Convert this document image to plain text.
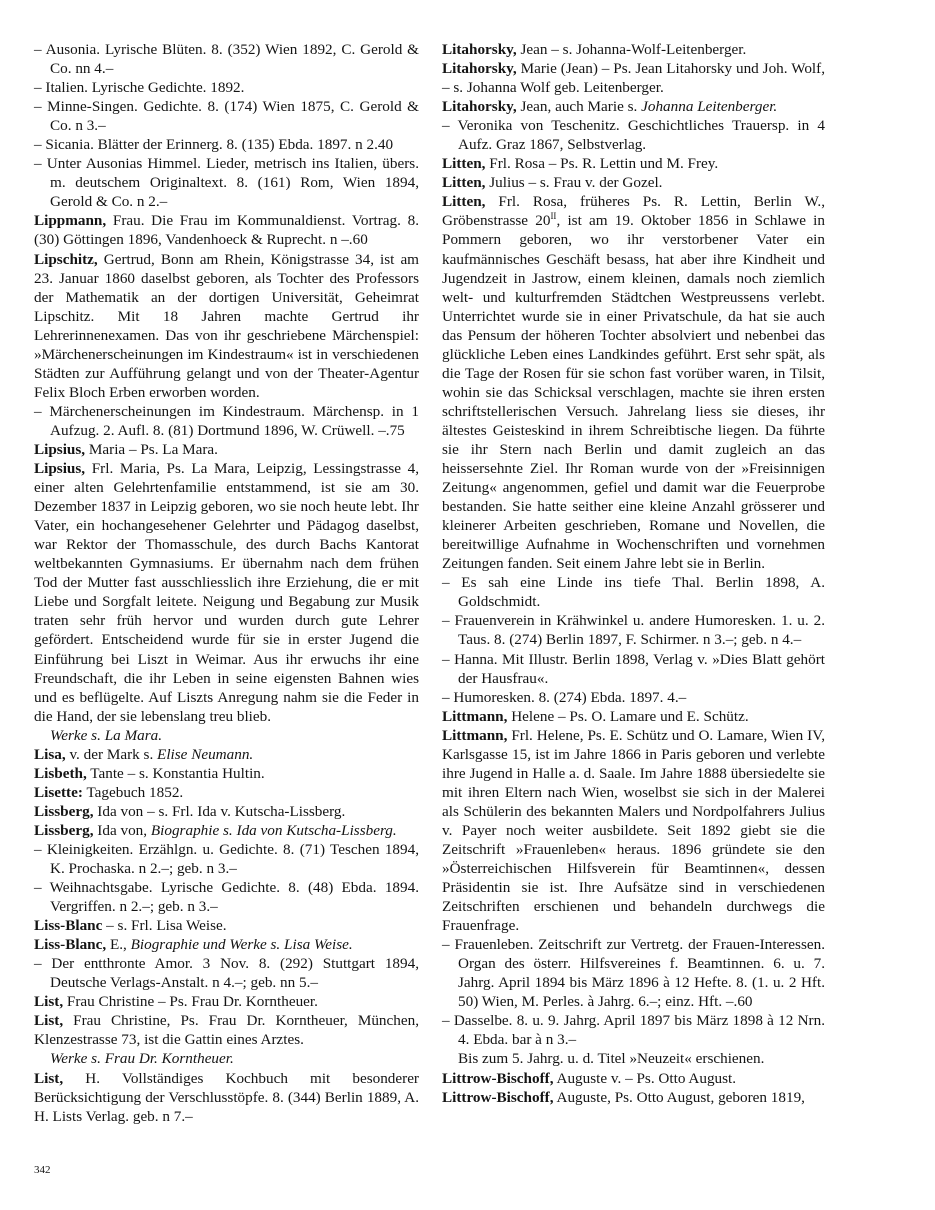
– Ausonia. Lyrische Blüten. 8. (352) Wien 1892, C. Gerold & Co. nn 4.–
– Italien. Lyrische Gedichte. 1892.
– Minne-Singen. Gedichte. 8. (174) Wien 1875, C. Gerold & Co. n 3.–
– Sicania. Blätter der Erinnerg. 8. (135) Ebda. 1897. n 2.40
– Unter Ausonias Himmel. Lieder, metrisch ins Italien, übers. m. deutschem Originaltext. 8. (161) Rom, Wien 1894, Gerold & Co. n 2.–
Lippmann, Frau. Die Frau im Kommunaldienst. Vortrag. 8. (30) Göttingen 1896, Vandenhoeck & Ruprecht. n –.60
Lipschitz, Gertrud, Bonn am Rhein, Königstrasse 34, ist am 23. Januar 1860 daselbst geboren, als Tochter des Professors der Mathematik an der dortigen Universität, Geheimrat Lipschitz. Mit 18 Jahren machte Gertrud ihr Lehrerinnenexamen. Das von ihr geschriebene Märchenspiel: »Märchenerscheinungen im Kindestraum« ist in verschiedenen Städten zur Aufführung gelangt und von der Theater-Agentur Felix Bloch Erben erworben worden.
– Märchenerscheinungen im Kindestraum. Märchensp. in 1 Aufzug. 2. Aufl. 8. (81) Dortmund 1896, W. Crüwell. –.75
Lipsius, Maria – Ps. La Mara.
Lipsius, Frl. Maria, Ps. La Mara, Leipzig, Lessingstrasse 4, einer alten Gelehrtenfamilie entstammend, ist sie am 30. Dezember 1837 in Leipzig geboren, wo sie noch heute lebt. Ihr Vater, ein hochangesehener Gelehrter und Pädagog daselbst, war Rektor der Thomasschule, des durch Bachs Kantorat weltbekannten Gymnasiums. Er übernahm nach dem frühen Tod der Mutter fast ausschliesslich ihre Erziehung, die er mit Liebe und Sorgfalt leitete. Neigung und Begabung zur Musik traten sehr früh hervor und wurden durch gute Lehrer gefördert. Entscheidend wurde für sie in erster Jugend die Einführung bei Liszt in Weimar. Aus ihr erwuchs ihr eine Freundschaft, die ihr Leben in seine eigensten Bahnen wies und es beflügelte. Auf Liszts Anregung nahm sie die Feder in die Hand, der sie lebenslang treu blieb.
Werke s. La Mara.
Lisa, v. der Mark s. Elise Neumann.
Lisbeth, Tante – s. Konstantia Hultin.
Lisette: Tagebuch 1852.
Lissberg, Ida von – s. Frl. Ida v. Kutscha-Lissberg.
Lissberg, Ida von, Biographie s. Ida von Kutscha-Lissberg.
– Kleinigkeiten. Erzählgn. u. Gedichte. 8. (71) Teschen 1894, K. Prochaska. n 2.–; geb. n 3.–
– Weihnachtsgabe. Lyrische Gedichte. 8. (48) Ebda. 1894. Vergriffen. n 2.–; geb. n 3.–
Liss-Blanc – s. Frl. Lisa Weise.
Liss-Blanc, E., Biographie und Werke s. Lisa Weise.
– Der entthronte Amor. 3 Nov. 8. (292) Stuttgart 1894, Deutsche Verlags-Anstalt. n 4.–; geb. nn 5.–
List, Frau Christine – Ps. Frau Dr. Korntheuer.
List, Frau Christine, Ps. Frau Dr. Korntheuer, München, Klenzestrasse 73, ist die Gattin eines Arztes.
Werke s. Frau Dr. Korntheuer.
List, H. Vollständiges Kochbuch mit besonderer Berücksichtigung der Verschlusstöpfe. 8. (344) Berlin 1889, A. H. Lists Verlag. geb. n 7.–
Litahorsky, Jean – s. Johanna-Wolf-Leitenberger.
Litahorsky, Marie (Jean) – Ps. Jean Litahorsky und Joh. Wolf, – s. Johanna Wolf geb. Leitenberger.
Litahorsky, Jean, auch Marie s. Johanna Leitenberger.
– Veronika von Teschenitz. Geschichtliches Trauersp. in 4 Aufz. Graz 1867, Selbstverlag.
Litten, Frl. Rosa – Ps. R. Lettin und M. Frey.
Litten, Julius – s. Frau v. der Gozel.
Litten, Frl. Rosa, früheres Ps. R. Lettin, Berlin W., Gröbenstrasse $20^{II}$, ist am 19. Oktober 1856 in Schlawe in Pommern geboren, wo ihr verstorbener Vater ein kaufmännisches Geschäft besass, hat aber ihre Kindheit und Jugendzeit in Jastrow, einem kleinen, damals noch ziemlich welt- und kulturfremden Städtchen Westpreussens verlebt. Unterrichtet wurde sie in einer Privatschule, da hat sie auch das Pensum der höheren Tochter absolviert und nebenbei das glückliche Leben eines Landkindes geführt. Erst sehr spät, als die Tage der Rosen für sie schon fast vorüber waren, in Tilsit, wohin sie das Schicksal verschlagen, machte sie ihren ersten schriftstellerischen Versuch. Jahrelang liess sie dieses, ihr ältestes Geisteskind in ihrem Schreibtische liegen. Da führte sie ihr Stern nach Berlin und damit zugleich an das heissersehnte Ziel. Ihr Roman wurde von der »Freisinnigen Zeitung« angenommen, gefiel und damit war die Feuerprobe bestanden. Sie hatte seither eine kleine Anzahl grösserer und kleinerer Arbeiten geschrieben, Romane und Novellen, die bereitwillige Aufnahme in Wochenschriften und vornehmen Zeitungen fanden. Seit einem Jahre lebt sie in Berlin.
– Es sah eine Linde ins tiefe Thal. Berlin 1898, A. Goldschmidt.
– Frauenverein in Krähwinkel u. andere Humoresken. 1. u. 2. Taus. 8. (274) Berlin 1897, F. Schirmer. n 3.–; geb. n 4.–
– Hanna. Mit Illustr. Berlin 1898, Verlag v. »Dies Blatt gehört der Hausfrau«.
– Humoresken. 8. (274) Ebda. 1897. 4.–
Littmann, Helene – Ps. O. Lamare und E. Schütz.
Littmann, Frl. Helene, Ps. E. Schütz und O. Lamare, Wien IV, Karlsgasse 15, ist im Jahre 1866 in Paris geboren und verlebte ihre Jugend in Halle a. d. Saale. Im Jahre 1888 übersiedelte sie mit ihren Eltern nach Wien, woselbst sie sich in der Malerei als Schülerin des bekannten Malers und Nordpolfahrers Julius v. Payer noch weiter ausbildete. Seit 1892 giebt sie die Zeitschrift »Frauenleben« heraus. 1896 gründete sie den »Österreichischen Hilfsverein für Beamtinnen«, dessen Präsidentin sie ist. Ihre Aufsätze sind in verschiedenen Zeitschriften erschienen und behandeln durchwegs die Frauenfrage.
– Frauenleben. Zeitschrift zur Vertretg. der Frauen-Interessen. Organ des österr. Hilfsvereines f. Beamtinnen. 6. u. 7. Jahrg. April 1894 bis März 1896 à 12 Hefte. 8. (1. u. 2 Hft. 50) Wien, M. Perles. à Jahrg. 6.–; einz. Hft. –.60
– Dasselbe. 8. u. 9. Jahrg. April 1897 bis März 1898 à 12 Nrn. 4. Ebda. bar à n 3.–
Bis zum 5. Jahrg. u. d. Titel »Neuzeit« erschienen.
Littrow-Bischoff, Auguste v. – Ps. Otto August.
Littrow-Bischoff, Auguste, Ps. Otto August, geboren 1819,
342
